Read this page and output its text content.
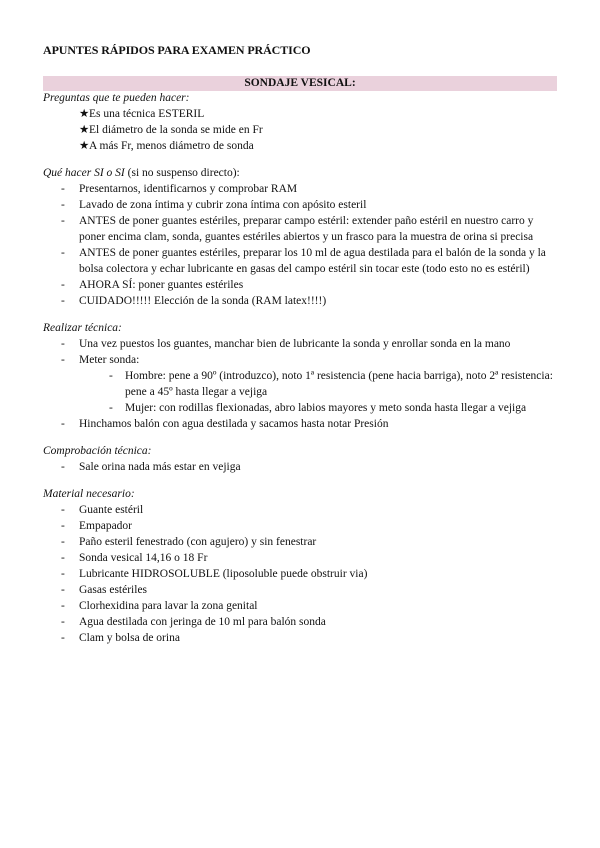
APUNTES RÁPIDOS PARA EXAMEN PRÁCTICO

SONDAJE VESICAL:

Preguntas que te pueden hacer:

★Es una técnica ESTERIL
★El diámetro de la sonda se mide en Fr
★A más Fr, menos diámetro de sonda

Qué hacer SI o SI (si no suspenso directo):

- Presentarnos, identificarnos y comprobar RAM
- Lavado de zona íntima y cubrir zona íntima con apósito esteril
- ANTES de poner guantes estériles, preparar campo estéril: extender paño estéril en nuestro carro y poner encima clam, sonda, guantes estériles abiertos y un frasco para la muestra de orina si precisa
- ANTES de poner guantes estériles, preparar los 10 ml de agua destilada para el balón de la sonda y la bolsa colectora y echar lubricante en gasas del campo estéril sin tocar este (todo esto no es estéril)
- AHORA SÍ: poner guantes estériles
- CUIDADO!!!!! Elección de la sonda (RAM latex!!!!)

Realizar técnica:

- Una vez puestos los guantes, manchar bien de lubricante la sonda y enrollar sonda en la mano
- Meter sonda:
- Hombre: pene a 90º (introduzco), noto 1ª resistencia (pene hacia barriga), noto 2ª resistencia: pene a 45º hasta llegar a vejiga
- Mujer: con rodillas flexionadas, abro labios mayores y meto sonda hasta llegar a vejiga
- Hinchamos balón con agua destilada y sacamos hasta notar Presión

Comprobación técnica:

- Sale orina nada más estar en vejiga

Material necesario:

- Guante estéril
- Empapador
- Paño esteril fenestrado (con agujero) y sin fenestrar
- Sonda vesical 14,16 o 18 Fr
- Lubricante HIDROSOLUBLE (liposoluble puede obstruir via)
- Gasas estériles
- Clorhexidina para lavar la zona genital
- Agua destilada con jeringa de 10 ml para balón sonda
- Clam y bolsa de orina
